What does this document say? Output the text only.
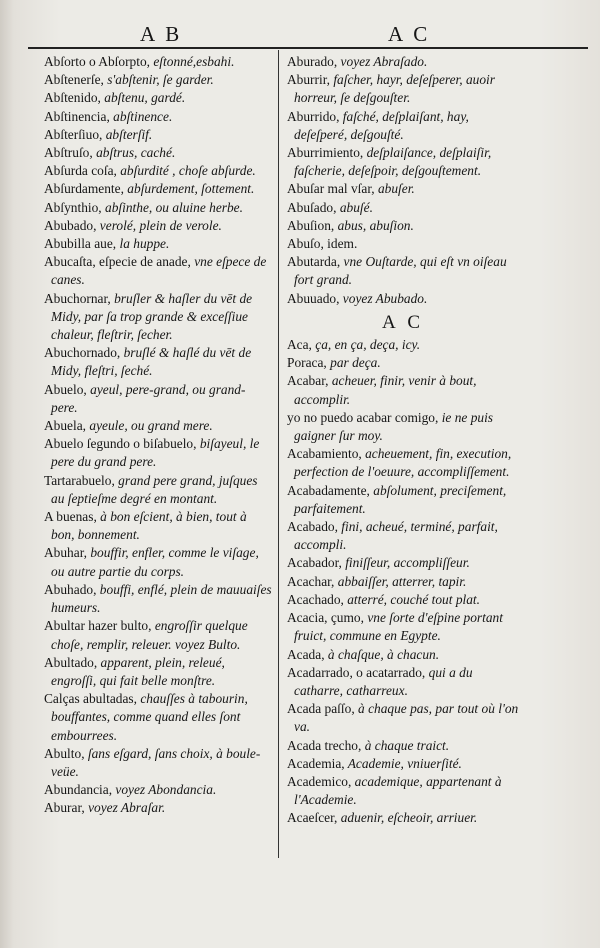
A B	A C

Abſorto o Abſorpto, eſtonné,esbahi.

Abſtenerſe, s'abſtenir, ſe garder.

Abſtenido, abſtenu, gardé.

Abſtinencia, abſtinence.

Abſterſiuo, abſterſif.

Abſtruſo, abſtrus, caché.

Abſurda coſa, abſurdité , choſe abſurde.

Abſurdamente, abſurdement, ſottement.

Abſynthio, abſinthe, ou aluine herbe.

Abubado, verolé, plein de verole.

Abubilla aue, la huppe.

Abucaſta, eſpecie de anade, vne eſpece de canes.

Abuchornar, bruſler & haſler du vēt de Midy, par ſa trop grande & exceſſiue chaleur, fleſtrir, ſecher.

Abuchornado, bruſlé & haſlé du vēt de Midy, fleſtri, ſeché.

Abuelo, ayeul, pere-grand, ou grand-pere.

Abuela, ayeule, ou grand mere.

Abuelo ſegundo o biſabuelo, biſayeul, le pere du grand pere.

Tartarabuelo, grand pere grand, juſques au ſeptieſme degré en montant.

A buenas, à bon eſcient, à bien, tout à bon, bonnement.

Abuhar, bouffir, enfler, comme le viſage, ou autre partie du corps.

Abuhado, bouffi, enflé, plein de mauuaiſes humeurs.

Abultar hazer bulto, engroſſir quelque choſe, remplir, releuer. voyez Bulto.

Abultado, apparent, plein, releué, engroſſi, qui fait belle monſtre.

Calças abultadas, chauſſes à tabourin, bouffantes, comme quand elles ſont embourrees.

Abulto, ſans eſgard, ſans choix, à boule-veüe.

Abundancia, voyez Abondancia.

Aburar, voyez Abraſar.

Aburado, voyez Abraſado.

Aburrir, faſcher, hayr, deſeſperer, auoir horreur, ſe deſgouſter.

Aburrido, faſché, deſplaiſant, hay, deſeſperé, deſgouſté.

Aburrimiento, deſplaiſance, deſplaiſir, faſcherie, deſeſpoir, deſgouſtement.

Abuſar mal vſar, abuſer.

Abuſado, abuſé.

Abuſion, abus, abuſion.

Abuſo, idem.

Abutarda, vne Ouſtarde, qui eſt vn oiſeau fort grand.

Abuuado, voyez Abubado.

A C

Aca, ça, en ça, deça, icy.

Poraca, par deça.

Acabar, acheuer, finir, venir à bout, accomplir.

yo no puedo acabar comigo, ie ne puis gaigner ſur moy.

Acabamiento, acheuement, fin, execution, perfection de l'oeuure, accompliſſement.

Acabadamente, abſolument, preciſement, parfaitement.

Acabado, fini, acheué, terminé, parfait, accompli.

Acabador, finiſſeur, accompliſſeur.

Acachar, abbaiſſer, atterrer, tapir.

Acachado, atterré, couché tout plat.

Acacia, çumo, vne ſorte d'eſpine portant fruict, commune en Egypte.

Acada, à chaſque, à chacun.

Acadarrado, o acatarrado, qui a du catharre, catharreux.

Acada paſſo, à chaque pas, par tout où l'on va.

Acada trecho, à chaque traict.

Academia, Academie, vniuerſité.

Academico, academique, appartenant à l'Academie.

Acaeſcer, aduenir, eſcheoir, arriuer.
